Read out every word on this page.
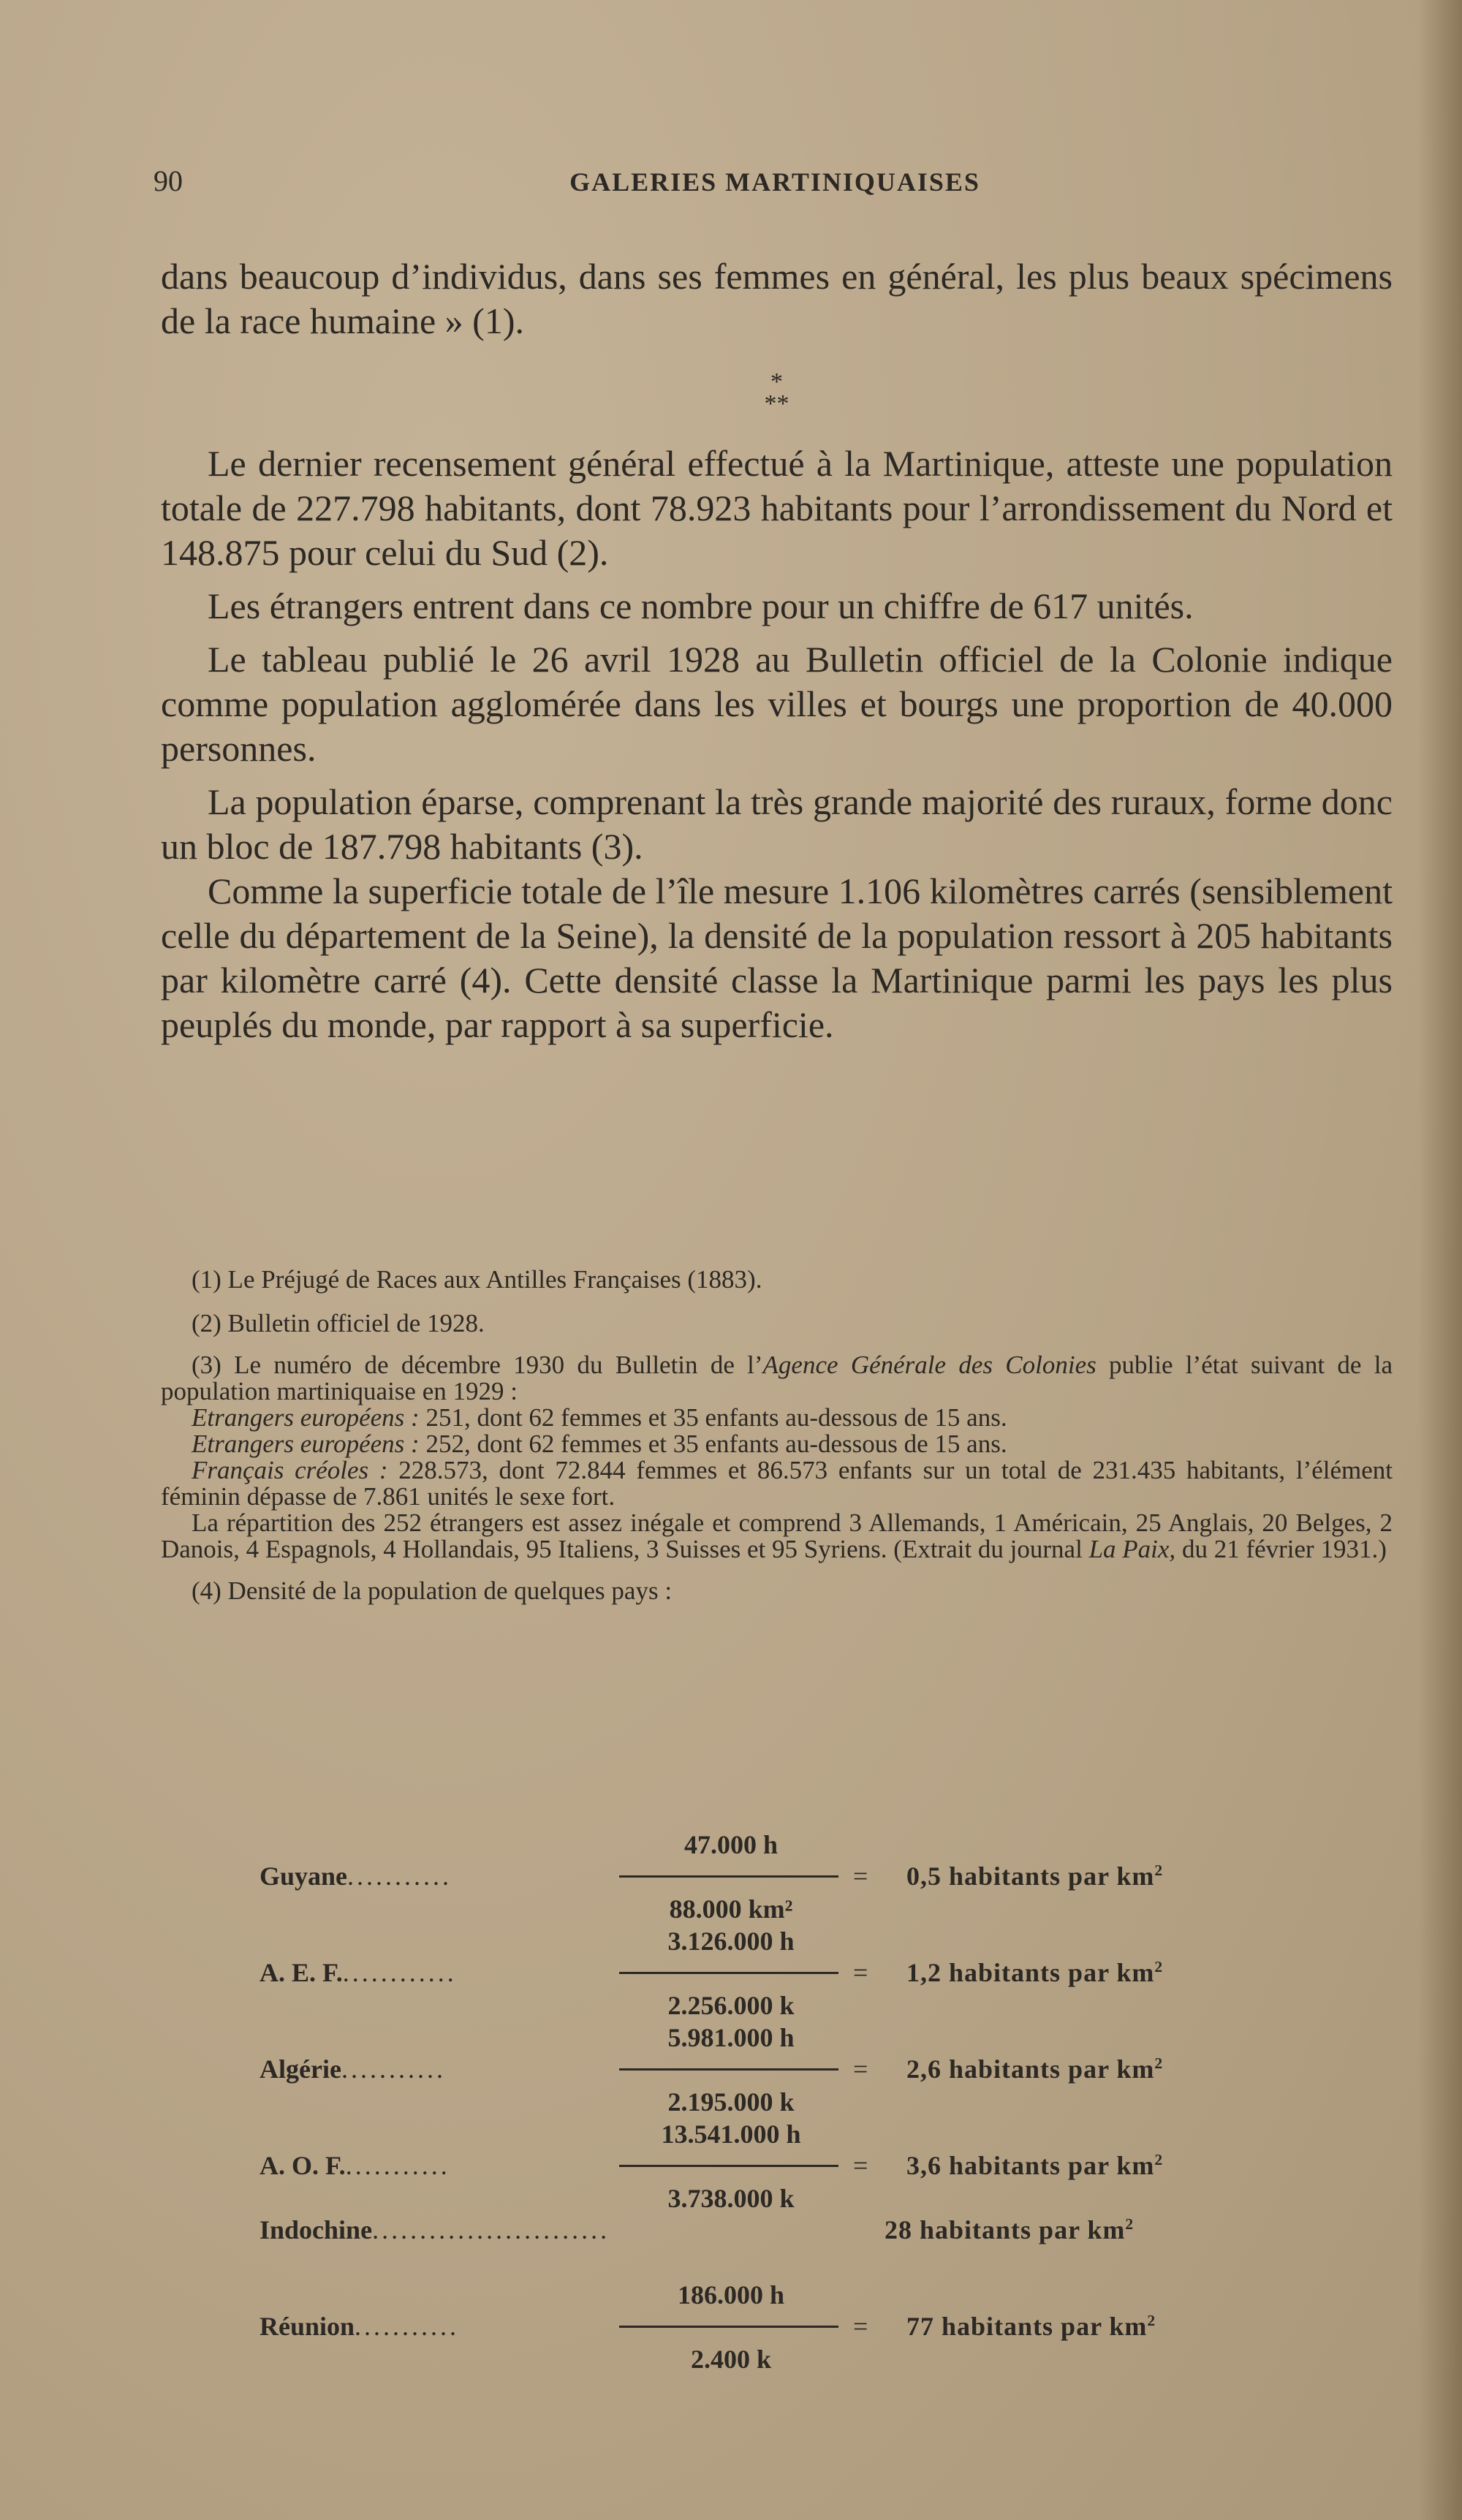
90	GALERIES MARTINIQUAISES

dans beaucoup d’individus, dans ses femmes en général, les plus beaux spécimens de la race humaine » (1).

*
**

Le dernier recensement général effectué à la Martinique, atteste une population totale de 227.798 habitants, dont 78.923 habitants pour l’arrondissement du Nord et 148.875 pour celui du Sud (2).

Les étrangers entrent dans ce nombre pour un chiffre de 617 unités.

Le tableau publié le 26 avril 1928 au Bulletin officiel de la Colonie indique comme population agglomérée dans les villes et bourgs une proportion de 40.000 personnes.

La population éparse, comprenant la très grande majorité des ruraux, forme donc un bloc de 187.798 habitants (3).

Comme la superficie totale de l’île mesure 1.106 kilomètres carrés (sensiblement celle du département de la Seine), la densité de la population ressort à 205 habitants par kilomètre carré (4). Cette densité classe la Martinique parmi les pays les plus peuplés du monde, par rapport à sa superficie.

(1) Le Préjugé de Races aux Antilles Françaises (1883).

(2) Bulletin officiel de 1928.

(3) Le numéro de décembre 1930 du Bulletin de l’Agence Générale des Colonies publie l’état suivant de la population martiniquaise en 1929 :

Etrangers européens : 251, dont 62 femmes et 35 enfants au-dessous de 15 ans.

Etrangers européens : 252, dont 62 femmes et 35 enfants au-dessous de 15 ans.

Français créoles : 228.573, dont 72.844 femmes et 86.573 enfants sur un total de 231.435 habitants, l’élément féminin dépasse de 7.861 unités le sexe fort.

La répartition des 252 étrangers est assez inégale et comprend 3 Allemands, 1 Américain, 25 Anglais, 20 Belges, 2 Danois, 4 Espagnols, 4 Hollandais, 95 Italiens, 3 Suisses et 95 Syriens. (Extrait du journal La Paix, du 21 février 1931.)

(4) Densité de la population de quelques pays :

Guyane...........
47.000 h
88.000 km²
= 0,5 habitants par $km^2$
A. E. F.............
3.126.000 h
2.256.000 k
= 1,2 habitants par $km^2$
Algérie...........
5.981.000 h
2.195.000 k
= 2,6 habitants par $km^2$
A. O. F............
13.541.000 h
3.738.000 k
= 3,6 habitants par $km^2$
Indochine.........................	28 habitants par $km^2$
Réunion...........
186.000 h
2.400 k
= 77 habitants par $km^2$
